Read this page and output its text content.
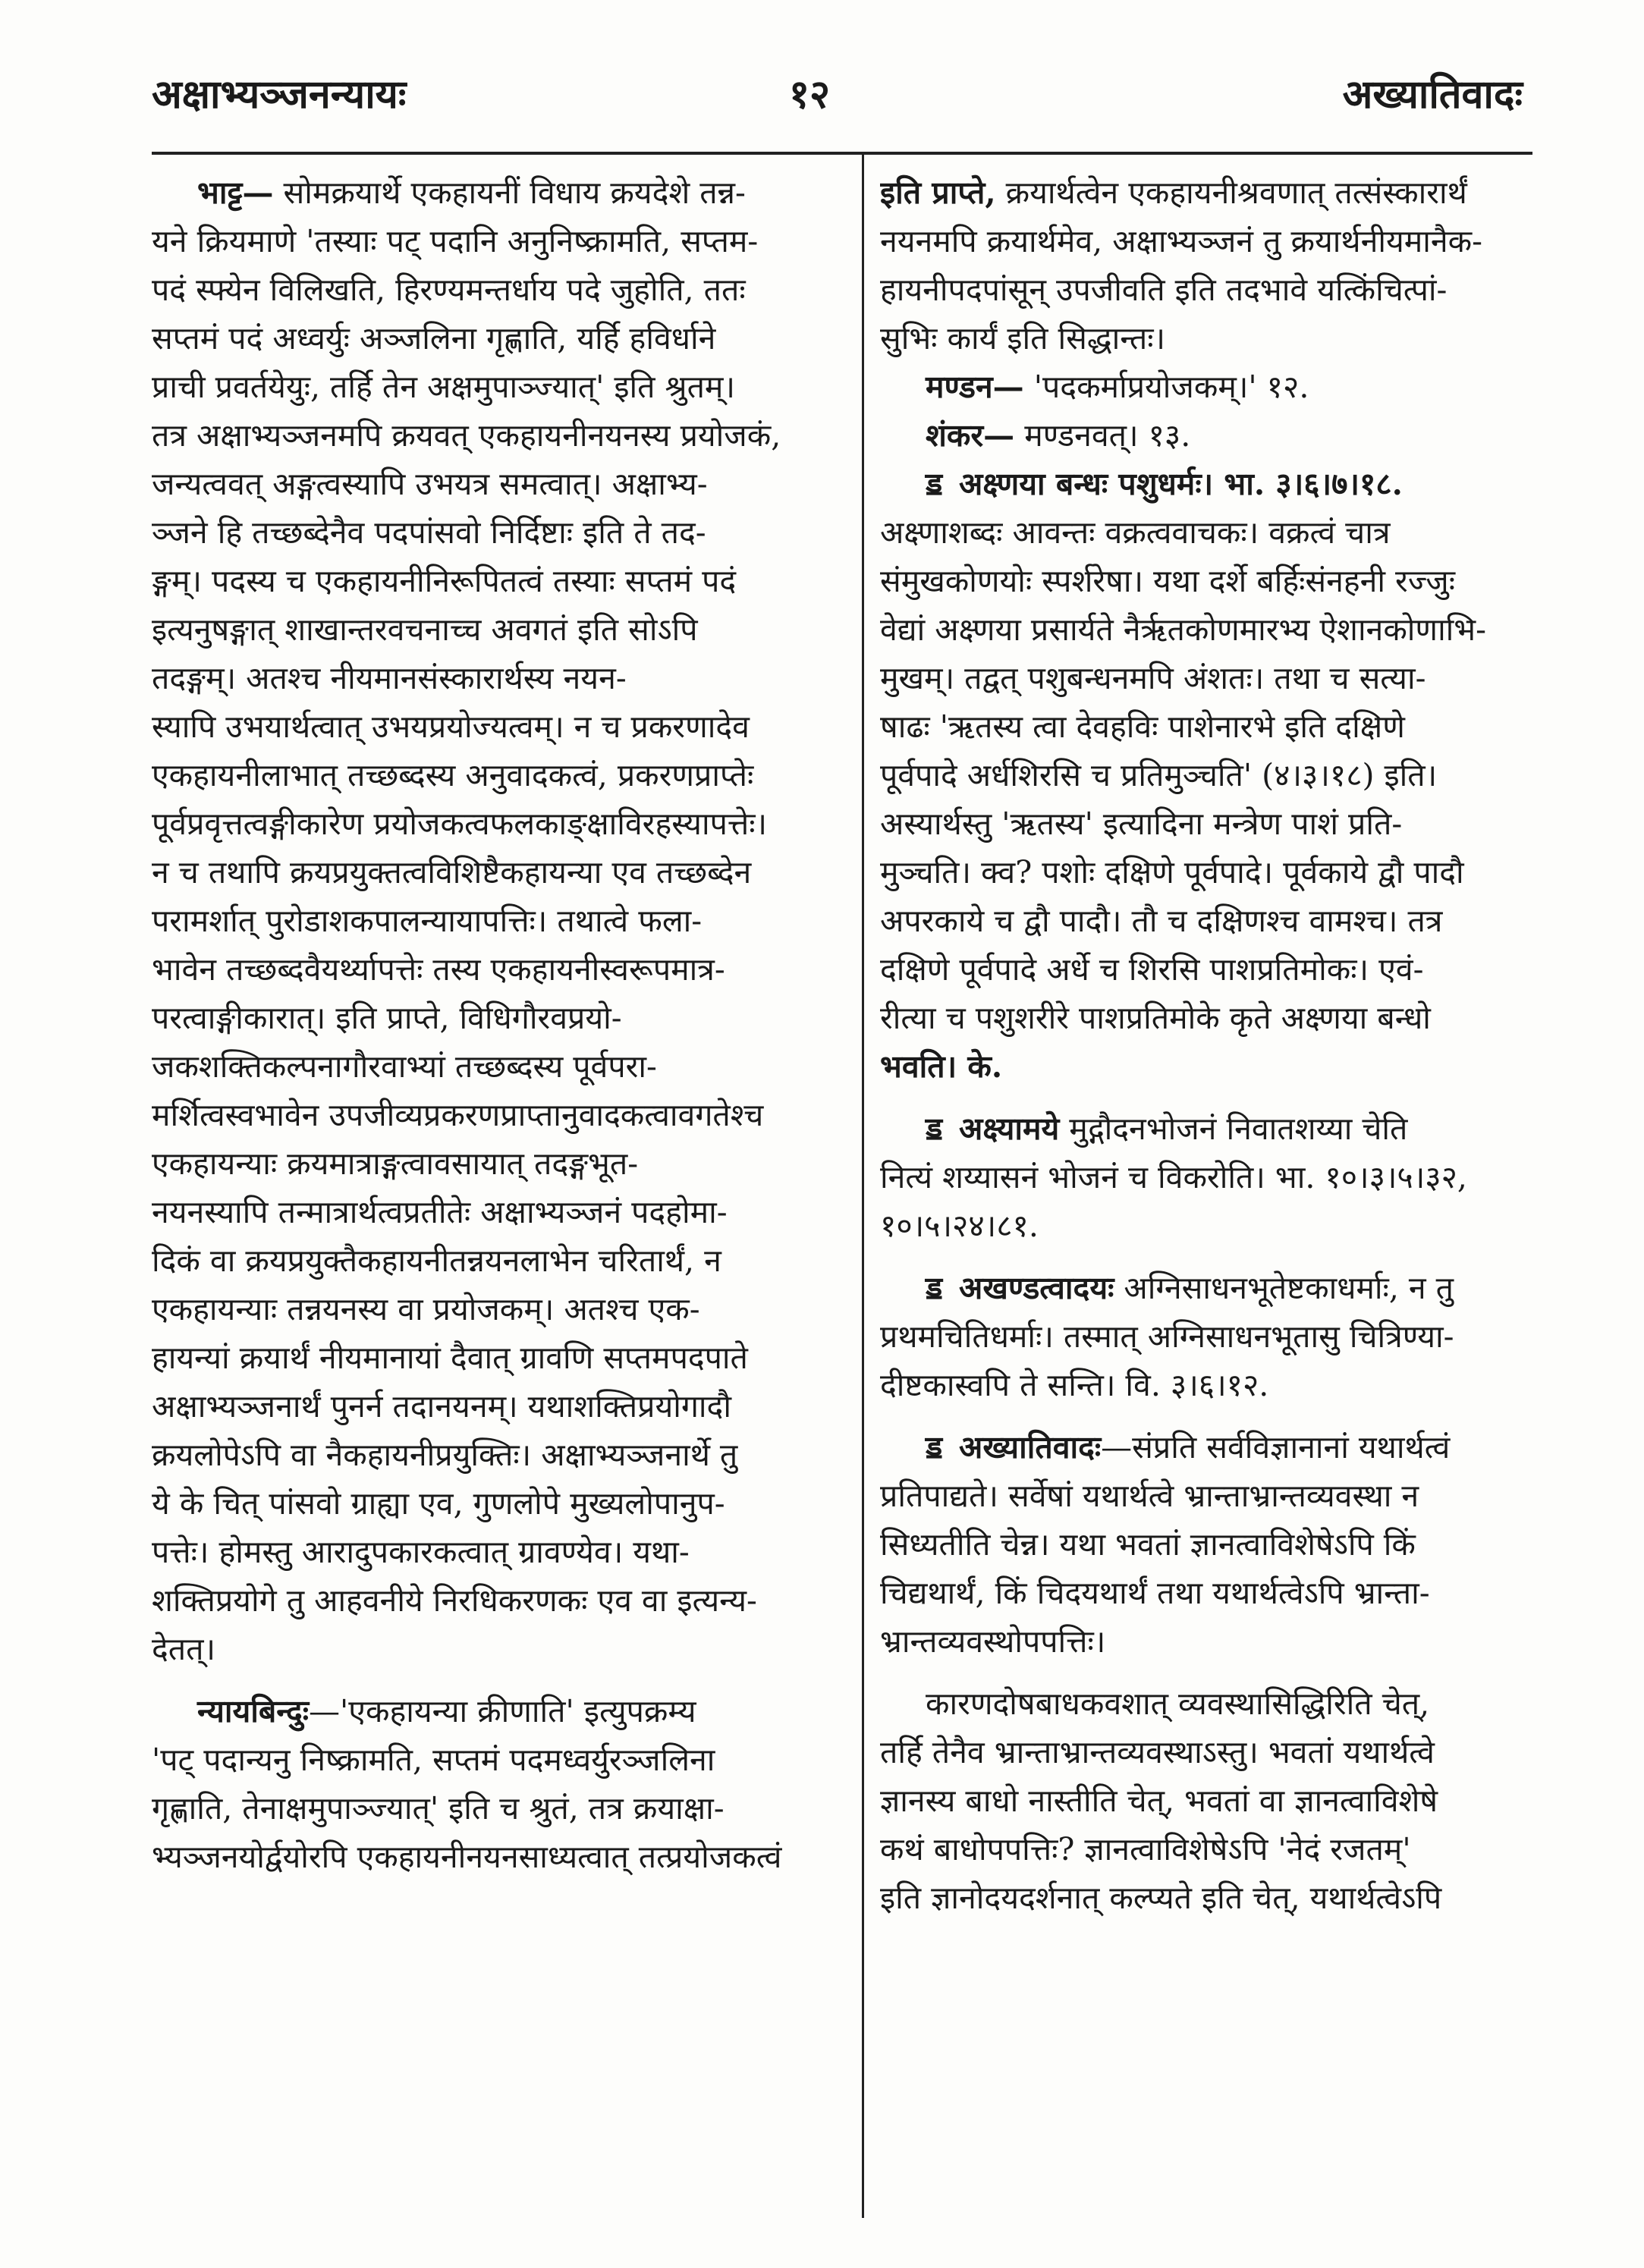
अक्षाभ्यञ्जनन्यायः	१२	अख्यातिवादः
भाट्ट— सोमक्रयार्थे एकहायनीं विधाय क्रयदेशे तन्न-
यने क्रियमाणे 'तस्याः पट् पदानि अनुनिष्क्रामति, सप्तम-
पदं स्फ्येन विलिखति, हिरण्यमन्तर्धाय पदे जुहोति, ततः
सप्तमं पदं अध्वर्युः अञ्जलिना गृह्णाति, यर्हि हविर्धाने
प्राची प्रवर्तयेयुः, तर्हि तेन अक्षमुपाञ्ज्यात्' इति श्रुतम्।
तत्र अक्षाभ्यञ्जनमपि क्रयवत् एकहायनीनयनस्य प्रयोजकं,
जन्यत्ववत् अङ्गत्वस्यापि उभयत्र समत्वात्। अक्षाभ्य-
ञ्जने हि तच्छब्देनैव पदपांसवो निर्दिष्टाः इति ते तद-
ङ्गम्। पदस्य च एकहायनीनिरूपितत्वं तस्याः सप्तमं पदं
इत्यनुषङ्गात् शाखान्तरवचनाच्च अवगतं इति सोऽपि
तदङ्गम्। अतश्च नीयमानसंस्कारार्थस्य नयन-
स्यापि उभयार्थत्वात् उभयप्रयोज्यत्वम्। न च प्रकरणादेव
एकहायनीलाभात् तच्छब्दस्य अनुवादकत्वं, प्रकरणप्राप्तेः
पूर्वप्रवृत्तत्वङ्गीकारेण प्रयोजकत्वफलकाङ्क्षाविरहस्यापत्तेः।
न च तथापि क्रयप्रयुक्तत्वविशिष्टैकहायन्या एव तच्छब्देन
परामर्शात् पुरोडाशकपालन्यायापत्तिः। तथात्वे फला-
भावेन तच्छब्दवैयर्थ्यापत्तेः तस्य एकहायनीस्वरूपमात्र-
परत्वाङ्गीकारात्। इति प्राप्ते, विधिगौरवप्रयो-
जकशक्तिकल्पनागौरवाभ्यां तच्छब्दस्य पूर्वपरा-
मर्शित्वस्वभावेन उपजीव्यप्रकरणप्राप्तानुवादकत्वावगतेश्च
एकहायन्याः क्रयमात्राङ्गत्वावसायात् तदङ्गभूत-
नयनस्यापि तन्मात्रार्थत्वप्रतीतेः अक्षाभ्यञ्जनं पदहोमा-
दिकं वा क्रयप्रयुक्तैकहायनीतन्नयनलाभेन चरितार्थं, न
एकहायन्याः तन्नयनस्य वा प्रयोजकम्। अतश्च एक-
हायन्यां क्रयार्थं नीयमानायां दैवात् ग्रावणि सप्तमपदपाते
अक्षाभ्यञ्जनार्थं पुनर्न तदानयनम्। यथाशक्तिप्रयोगादौ
क्रयलोपेऽपि वा नैकहायनीप्रयुक्तिः। अक्षाभ्यञ्जनार्थे तु
ये के चित् पांसवो ग्राह्या एव, गुणलोपे मुख्यलोपानुप-
पत्तेः। होमस्तु आरादुपकारकत्वात् ग्रावण्येव। यथा-
शक्तिप्रयोगे तु आहवनीये निरधिकरणकः एव वा इत्यन्य-
देतत्।
न्यायबिन्दुः—'एकहायन्या क्रीणाति' इत्युपक्रम्य
'पट् पदान्यनु निष्क्रामति, सप्तमं पदमध्वर्युरञ्जलिना
गृह्णाति, तेनाक्षमुपाञ्ज्यात्' इति च श्रुतं, तत्र क्रयाक्षा-
भ्यञ्जनयोर्द्वयोरपि एकहायनीनयनसाध्यत्वात् तत्प्रयोजकत्वं
इति प्राप्ते, क्रयार्थत्वेन एकहायनीश्रवणात् तत्संस्कारार्थं
नयनमपि क्रयार्थमेव, अक्षाभ्यञ्जनं तु क्रयार्थनीयमानैक-
हायनीपदपांसून् उपजीवति इति तदभावे यत्किंचित्पां-
सुभिः कार्यं इति सिद्धान्तः।
मण्डन— 'पदकर्माप्रयोजकम्।' १२.
शंकर— मण्डनवत्। १३.
ॾ अक्ष्णया बन्धः पशुधर्मः। भा. ३।६।७।१८.
अक्ष्णाशब्दः आवन्तः वक्रत्ववाचकः। वक्रत्वं चात्र
संमुखकोणयोः स्पर्शरेषा। यथा दर्शे बर्हिःसंनहनी रज्जुः
वेद्यां अक्ष्णया प्रसार्यते नैर्ऋतकोणमारभ्य ऐशानकोणाभि-
मुखम्। तद्वत् पशुबन्धनमपि अंशतः। तथा च सत्या-
षाढः 'ऋतस्य त्वा देवहविः पाशेनारभे इति दक्षिणे
पूर्वपादे अर्धशिरसि च प्रतिमुञ्चति' (४।३।१८) इति।
अस्यार्थस्तु 'ऋतस्य' इत्यादिना मन्त्रेण पाशं प्रति-
मुञ्चति। क्व? पशोः दक्षिणे पूर्वपादे। पूर्वकाये द्वौ पादौ
अपरकाये च द्वौ पादौ। तौ च दक्षिणश्च वामश्च। तत्र
दक्षिणे पूर्वपादे अर्धे च शिरसि पाशप्रतिमोकः। एवं-
रीत्या च पशुशरीरे पाशप्रतिमोके कृते अक्ष्णया बन्धो
भवति। के.
ॾ अक्ष्यामये मुद्गौदनभोजनं निवातशय्या चेति
नित्यं शय्यासनं भोजनं च विकरोति। भा. १०।३।५।३२,
१०।५।२४।८१.
ॾ अखण्डत्वादयः अग्निसाधनभूतेष्टकाधर्माः, न तु
प्रथमचितिधर्माः। तस्मात् अग्निसाधनभूतासु चित्रिण्या-
दीष्टकास्वपि ते सन्ति। वि. ३।६।१२.
ॾ अख्यातिवादः—संप्रति सर्वविज्ञानानां यथार्थत्वं
प्रतिपाद्यते। सर्वेषां यथार्थत्वे भ्रान्ताभ्रान्तव्यवस्था न
सिध्यतीति चेन्न। यथा भवतां ज्ञानत्वाविशेषेऽपि किं
चिद्यथार्थं, किं चिदयथार्थं तथा यथार्थत्वेऽपि भ्रान्ता-
भ्रान्तव्यवस्थोपपत्तिः।
कारणदोषबाधकवशात् व्यवस्थासिद्धिरिति चेत्,
तर्हि तेनैव भ्रान्ताभ्रान्तव्यवस्थाऽस्तु। भवतां यथार्थत्वे
ज्ञानस्य बाधो नास्तीति चेत्, भवतां वा ज्ञानत्वाविशेषे
कथं बाधोपपत्तिः? ज्ञानत्वाविशेषेऽपि 'नेदं रजतम्'
इति ज्ञानोदयदर्शनात् कल्प्यते इति चेत्, यथार्थत्वेऽपि
